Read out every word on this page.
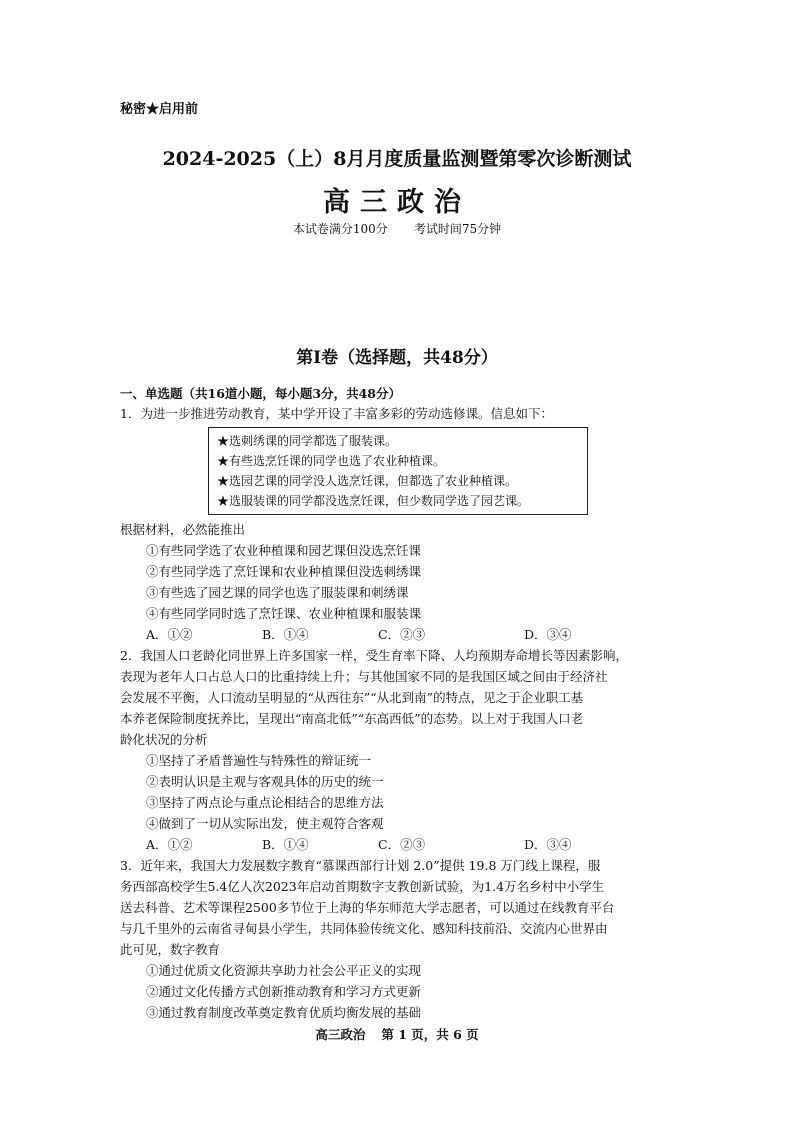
秘密★启用前
2024-2025（上）8月月度质量监测暨第零次诊断测试
高三政治
本试卷满分100分 考试时间75分钟
第Ⅰ卷（选择题，共48分）
一、单选题（共16道小题，每小题3分，共48分）

1．为进一步推进劳动教育，某中学开设了丰富多彩的劳动选修课。信息如下：

★选刺绣课的同学都选了服装课。
★有些选烹饪课的同学也选了农业种植课。
★选园艺课的同学没人选烹饪课，但都选了农业种植课。
★选服装课的同学都没选烹饪课，但少数同学选了园艺课。

根据材料，必然能推出

①有些同学选了农业种植课和园艺课但没选烹饪课

②有些同学选了烹饪课和农业种植课但没选刺绣课

③有些选了园艺课的同学也选了服装课和刺绣课

④有些同学同时选了烹饪课、农业种植课和服装课

A．①②	B．①④	C．②③	D．③④

2．我国人口老龄化同世界上许多国家一样，受生育率下降、人均预期寿命增长等因素影响，

表现为老年人口占总人口的比重持续上升；与其他国家不同的是我国区域之间由于经济社

会发展不平衡，人口流动呈明显的“从西往东”“从北到南”的特点，见之于企业职工基

本养老保险制度抚养比，呈现出“南高北低”“东高西低”的态势。以上对于我国人口老

龄化状况的分析

①坚持了矛盾普遍性与特殊性的辩证统一

②表明认识是主观与客观具体的历史的统一

③坚持了两点论与重点论相结合的思维方法

④做到了一切从实际出发，使主观符合客观

A．①②	B．①④	C．②③	D．③④

3．近年来，我国大力发展数字教育“慕课西部行计划 2.0”提供 19.8 万门线上课程，服

务西部高校学生5.4亿人次2023年启动首期数字支教创新试验，为1.4万名乡村中小学生

送去科普、艺术等课程2500多节位于上海的华东师范大学志愿者，可以通过在线教育平台

与几千里外的云南省寻甸县小学生，共同体验传统文化、感知科技前沿、交流内心世界由

此可见，数字教育

①通过优质文化资源共享助力社会公平正义的实现

②通过文化传播方式创新推动教育和学习方式更新

③通过教育制度改革奠定教育优质均衡发展的基础

高三政治 第 1 页，共 6 页
